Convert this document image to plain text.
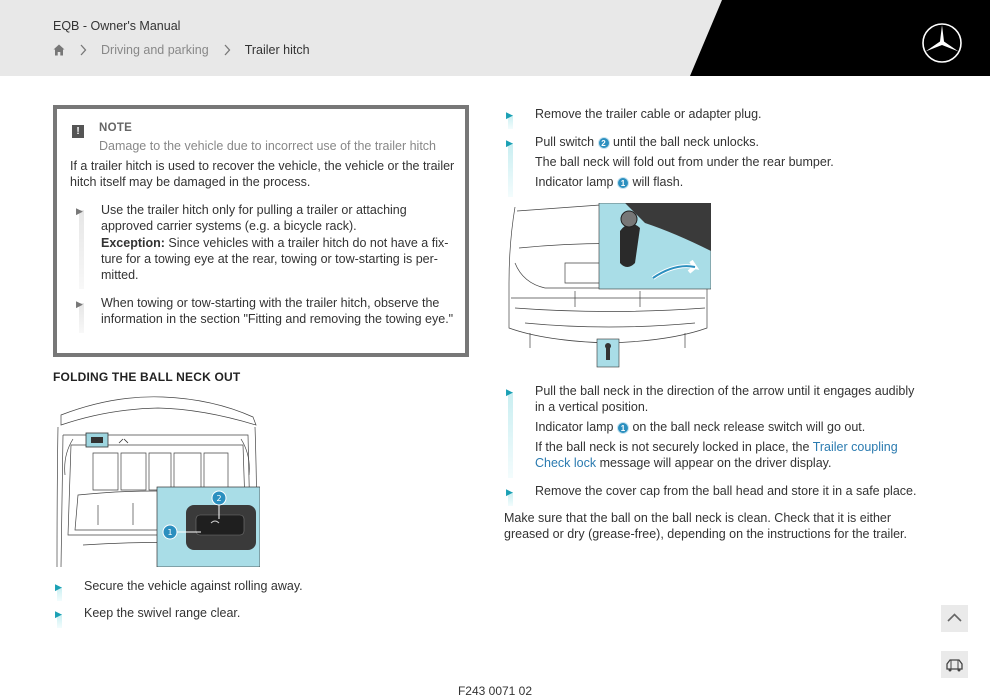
EQB - Owner's Manual
Driving and parking	Trailer hitch
!	NOTE
Damage to the vehicle due to incorrect use of the trailer hitch
If a trailer hitch is used to recover the vehicle, the vehicle or the trailer hitch itself may be damaged in the process.
▶ Use the trailer hitch only for pulling a trailer or attaching approved carrier systems (e.g. a bicycle rack).

Exception: Since vehicles with a trailer hitch do not have a fix-ture for a towing eye at the rear, towing or tow-starting is per-mitted.

▶ When towing or tow-starting with the trailer hitch, observe the information in the section "Fitting and removing the towing eye."

FOLDING THE BALL NECK OUT
1
2
▶ Secure the vehicle against rolling away.
▶ Keep the swivel range clear.
▶ Remove the trailer cable or adapter plug.
▶ Pull switch 2 until the ball neck unlocks.
The ball neck will fold out from under the rear bumper.
Indicator lamp 1 will flash.
▶ Pull the ball neck in the direction of the arrow until it engages audibly in a vertical position.
Indicator lamp 1 on the ball neck release switch will go out.
If the ball neck is not securely locked in place, the Trailer coupling Check lock message will appear on the driver display.
▶ Remove the cover cap from the ball head and store it in a safe place.
Make sure that the ball on the ball neck is clean. Check that it is either greased or dry (grease-free), depending on the instructions for the trailer.
F243 0071 02
